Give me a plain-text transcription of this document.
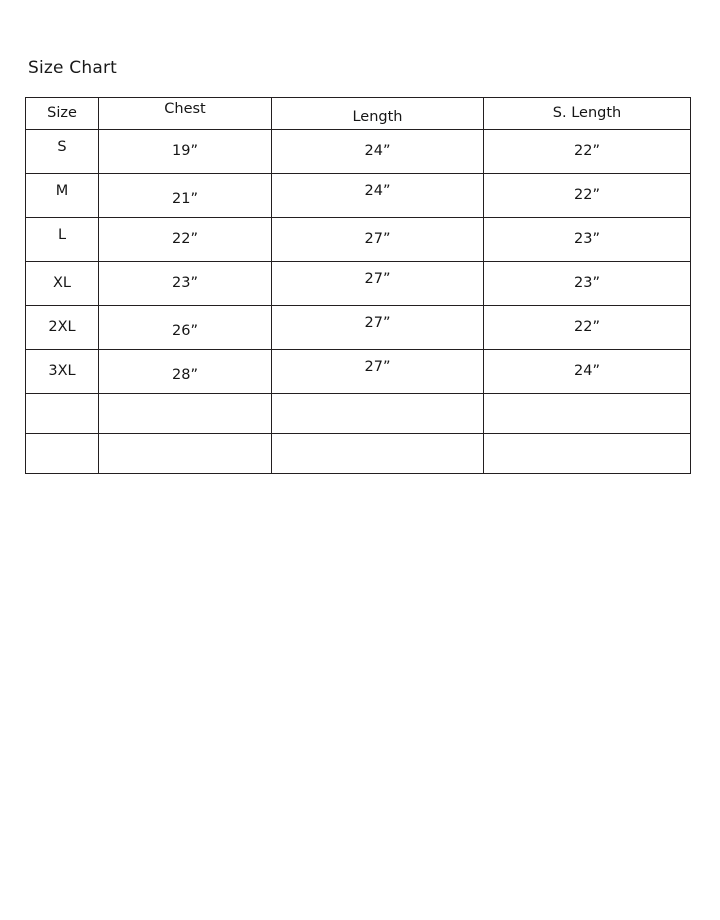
Size Chart
Size	Chest	Length	S. Length

S	19”	24”	22”

M	21”	24”	22”

L	22”	27”	23”

XL	23”	27”	23”

2XL	26”	27”	22”

3XL	28”	27”	24”
